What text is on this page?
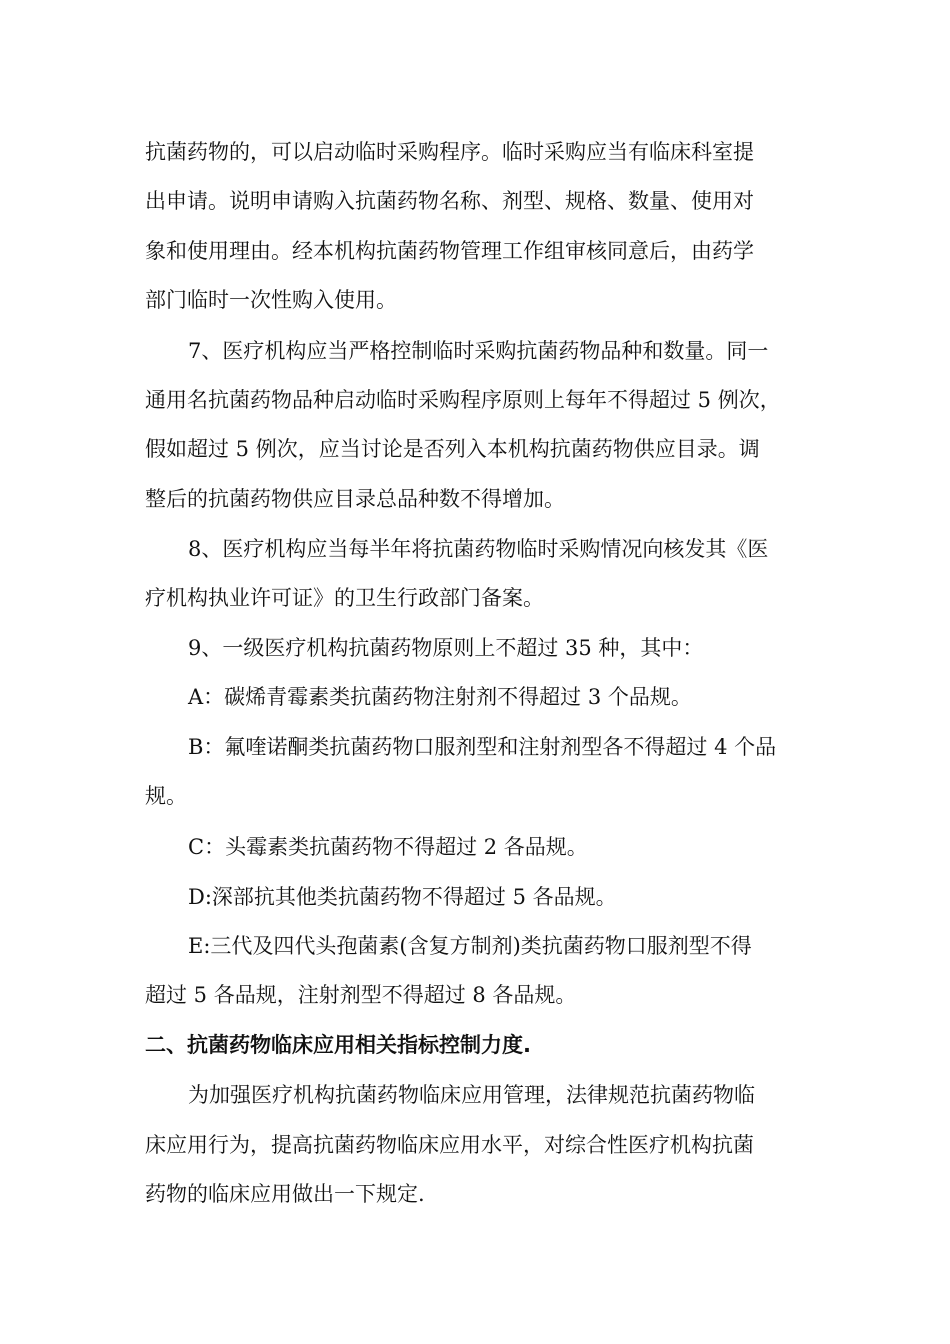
抗菌药物的，可以启动临时采购程序。临时采购应当有临床科室提
出申请。说明申请购入抗菌药物名称、剂型、规格、数量、使用对
象和使用理由。经本机构抗菌药物管理工作组审核同意后，由药学
部门临时一次性购入使用。
7、医疗机构应当严格控制临时采购抗菌药物品种和数量。同一
通用名抗菌药物品种启动临时采购程序原则上每年不得超过 5 例次，
假如超过 5 例次，应当讨论是否列入本机构抗菌药物供应目录。调
整后的抗菌药物供应目录总品种数不得增加。
8、医疗机构应当每半年将抗菌药物临时采购情况向核发其《医
疗机构执业许可证》的卫生行政部门备案。
9、一级医疗机构抗菌药物原则上不超过 35 种，其中：
A：碳烯青霉素类抗菌药物注射剂不得超过 3 个品规。
B：氟喹诺酮类抗菌药物口服剂型和注射剂型各不得超过 4 个品
规。
C：头霉素类抗菌药物不得超过 2 各品规。
D:深部抗其他类抗菌药物不得超过 5 各品规。
E:三代及四代头孢菌素(含复方制剂)类抗菌药物口服剂型不得
超过 5 各品规，注射剂型不得超过 8 各品规。
二、抗菌药物临床应用相关指标控制力度.
为加强医疗机构抗菌药物临床应用管理，法律规范抗菌药物临
床应用行为，提高抗菌药物临床应用水平，对综合性医疗机构抗菌
药物的临床应用做出一下规定.
